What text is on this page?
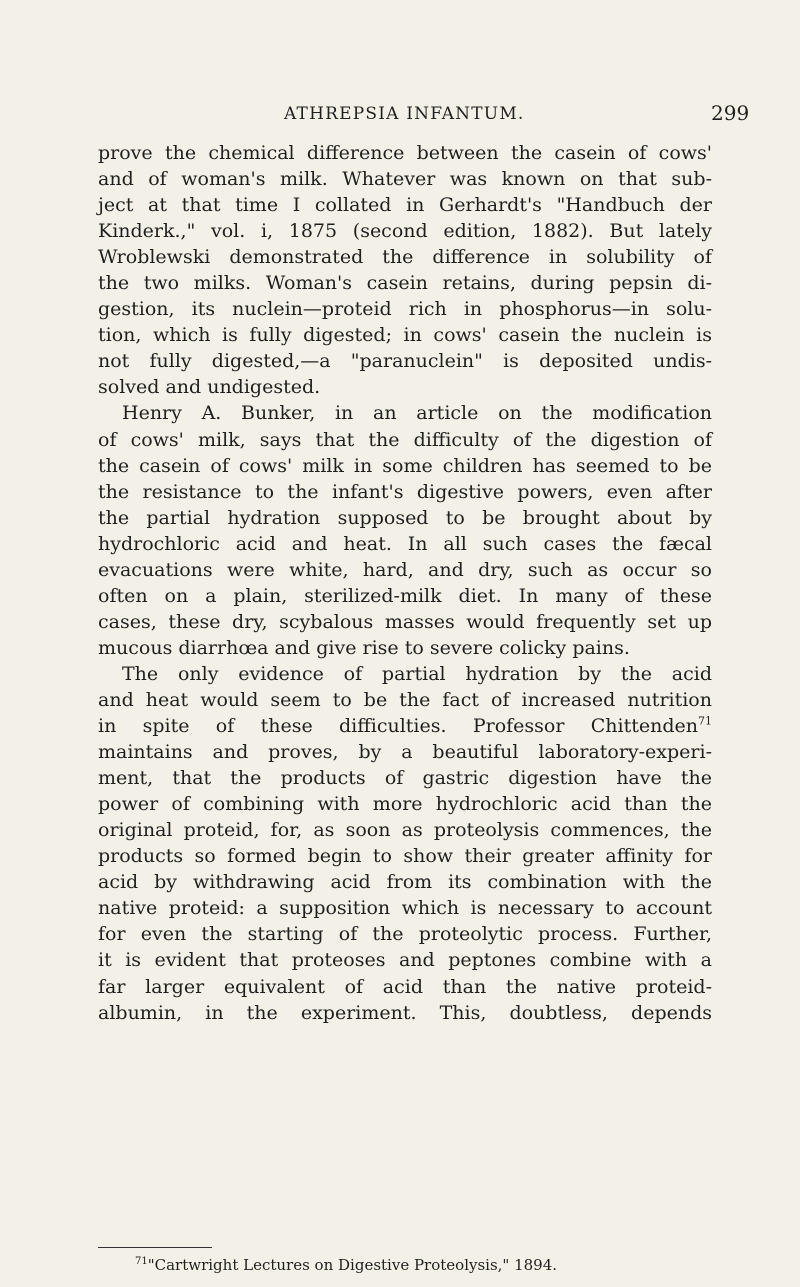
ATHREPSIA INFANTUM.	299
prove the chemical difference between the casein of cows'
and of woman's milk. Whatever was known on that sub-
ject at that time I collated in Gerhardt's "Handbuch der
Kinderk.," vol. i, 1875 (second edition, 1882). But lately
Wroblewski demonstrated the difference in solubility of
the two milks. Woman's casein retains, during pepsin di-
gestion, its nuclein—proteid rich in phosphorus—in solu-
tion, which is fully digested; in cows' casein the nuclein is
not fully digested,—a "paranuclein" is deposited undis-
solved and undigested.
Henry A. Bunker, in an article on the modification
of cows' milk, says that the difficulty of the digestion of
the casein of cows' milk in some children has seemed to be
the resistance to the infant's digestive powers, even after
the partial hydration supposed to be brought about by
hydrochloric acid and heat. In all such cases the fæcal
evacuations were white, hard, and dry, such as occur so
often on a plain, sterilized-milk diet. In many of these
cases, these dry, scybalous masses would frequently set up
mucous diarrhœa and give rise to severe colicky pains.
The only evidence of partial hydration by the acid
and heat would seem to be the fact of increased nutrition
in spite of these difficulties. Professor Chittenden$^{71}$
maintains and proves, by a beautiful laboratory-experi-
ment, that the products of gastric digestion have the
power of combining with more hydrochloric acid than the
original proteid, for, as soon as proteolysis commences, the
products so formed begin to show their greater affinity for
acid by withdrawing acid from its combination with the
native proteid: a supposition which is necessary to account
for even the starting of the proteolytic process. Further,
it is evident that proteoses and peptones combine with a
far larger equivalent of acid than the native proteid-
albumin, in the experiment. This, doubtless, depends
$^{71}$"Cartwright Lectures on Digestive Proteolysis," 1894.
